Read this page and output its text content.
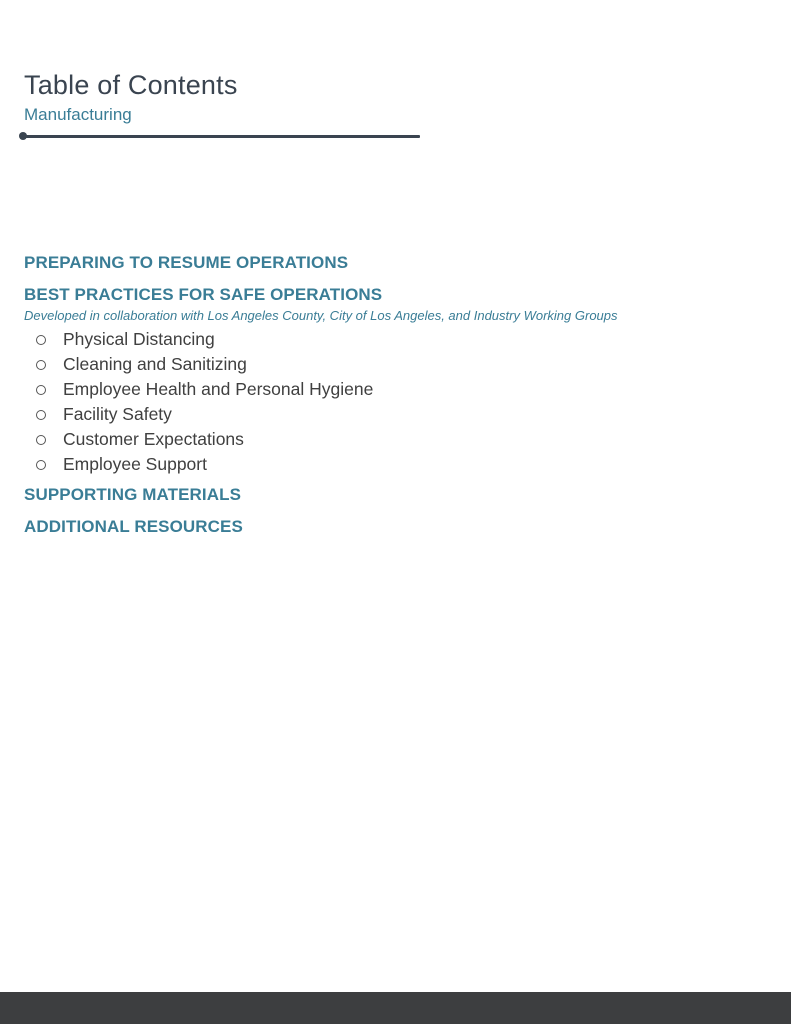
Table of Contents
Manufacturing
PREPARING TO RESUME OPERATIONS
BEST PRACTICES FOR SAFE OPERATIONS
Developed in collaboration with Los Angeles County, City of Los Angeles, and Industry Working Groups
Physical Distancing
Cleaning and Sanitizing
Employee Health and Personal Hygiene
Facility Safety
Customer Expectations
Employee Support
SUPPORTING MATERIALS
ADDITIONAL RESOURCES
